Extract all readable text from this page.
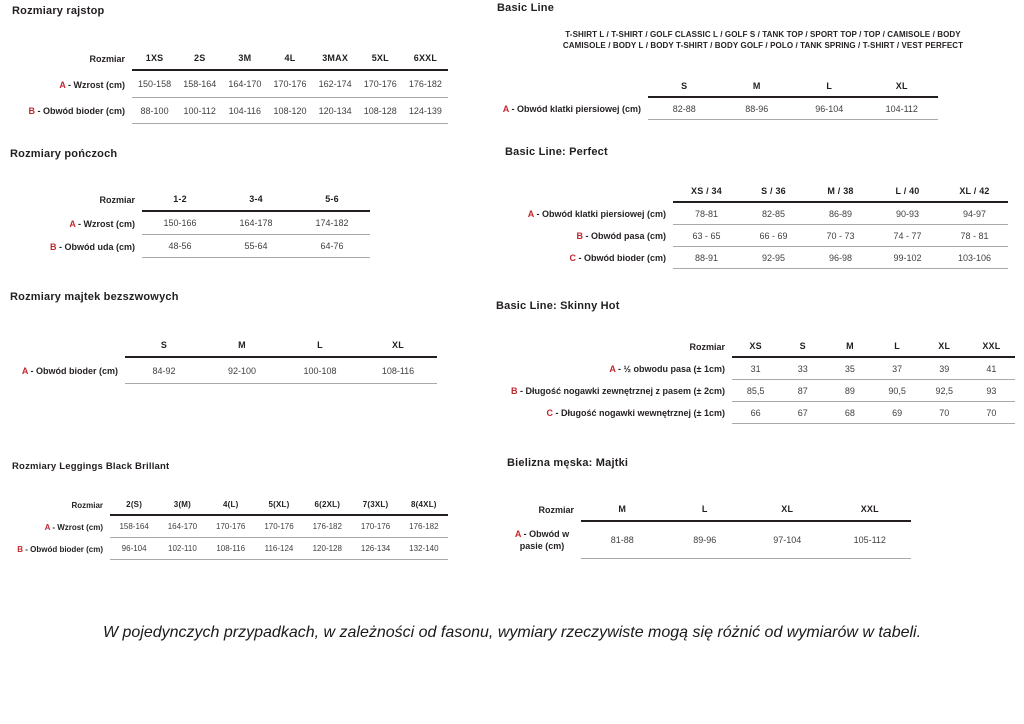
Rozmiary rajstop
Rozmiar	1XS	2S	3M	4L	3MAX	5XL	6XXL
A - Wzrost (cm)	150-158	158-164	164-170	170-176	162-174	170-176	176-182
B - Obwód bioder (cm)	88-100	100-112	104-116	108-120	120-134	108-128	124-139
Rozmiary pończoch
Rozmiar	1-2	3-4	5-6
A - Wzrost (cm)	150-166	164-178	174-182
B - Obwód uda (cm)	48-56	55-64	64-76
Rozmiary majtek bezszwowych
S	M	L	XL
A - Obwód bioder (cm)	84-92	92-100	100-108	108-116
Rozmiary Leggings Black Brillant
Rozmiar	2(S)	3(M)	4(L)	5(XL)	6(2XL)	7(3XL)	8(4XL)
A - Wzrost (cm)	158-164	164-170	170-176	170-176	176-182	170-176	176-182
B - Obwód bioder (cm)	96-104	102-110	108-116	116-124	120-128	126-134	132-140
Basic Line
T-SHIRT L / T-SHIRT / GOLF CLASSIC L / GOLF S / TANK TOP / SPORT TOP / TOP / CAMISOLE / BODY
CAMISOLE / BODY L / BODY T-SHIRT / BODY GOLF / POLO / TANK SPRING / T-SHIRT / VEST PERFECT
S	M	L	XL
A - Obwód klatki piersiowej (cm)	82-88	88-96	96-104	104-112
Basic Line: Perfect
XS / 34	S / 36	M / 38	L / 40	XL / 42
A - Obwód klatki piersiowej (cm)	78-81	82-85	86-89	90-93	94-97
B - Obwód pasa (cm)	63 - 65	66 - 69	70 - 73	74 - 77	78 - 81
C - Obwód bioder (cm)	88-91	92-95	96-98	99-102	103-106
Basic Line: Skinny Hot
Rozmiar	XS	S	M	L	XL	XXL
A - ½ obwodu pasa (± 1cm)	31	33	35	37	39	41
B - Długość nogawki zewnętrznej z pasem (± 2cm)	85,5	87	89	90,5	92,5	93
C - Długość nogawki wewnętrznej (± 1cm)	66	67	68	69	70	70
Bielizna męska: Majtki
Rozmiar	M	L	XL	XXL
A - Obwód w pasie (cm)
81-88	89-96	97-104	105-112
W pojedynczych przypadkach, w zależności od fasonu, wymiary rzeczywiste mogą się różnić od wymiarów w tabeli.
